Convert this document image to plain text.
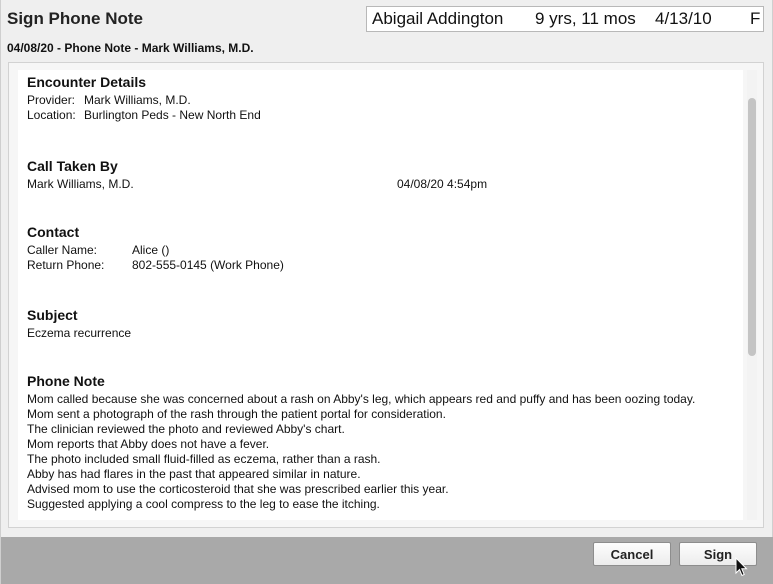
Sign Phone Note	Abigail Addington 9 yrs, 11 mos 4/13/10 F
04/08/20 - Phone Note - Mark Williams, M.D.
Encounter Details
Provider: Mark Williams, M.D.
Location: Burlington Peds - New North End
Call Taken By
Mark Williams, M.D.	04/08/20 4:54pm
Contact
Caller Name:	Alice ()
Return Phone:	802-555-0145 (Work Phone)
Subject
Eczema recurrence
Phone Note
Mom called because she was concerned about a rash on Abby's leg, which appears red and puffy and has been oozing today.
Mom sent a photograph of the rash through the patient portal for consideration.
The clinician reviewed the photo and reviewed Abby's chart.
Mom reports that Abby does not have a fever.
The photo included small fluid-filled as eczema, rather than a rash.
Abby has had flares in the past that appeared similar in nature.
Advised mom to use the corticosteroid that she was prescribed earlier this year.
Suggested applying a cool compress to the leg to ease the itching.
Cancel	Sign
